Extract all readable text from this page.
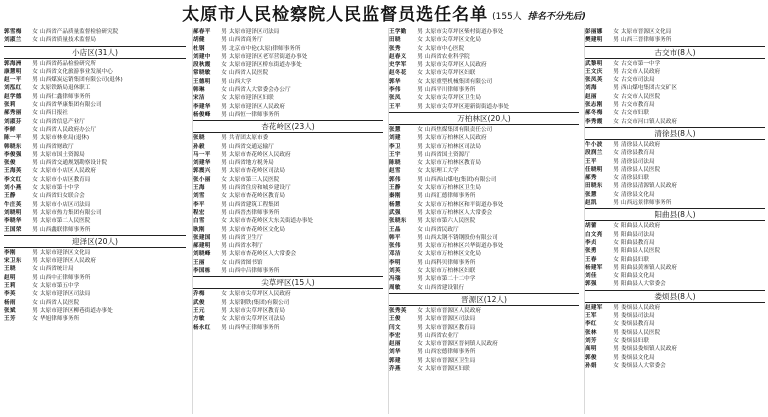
太原市人民检察院人民监督员选任名单 (155人 排名不分先后)
郭雪梅	女 山西省产品质量监督检验研究院
刘淑兰	女 山西省质量技术监督局
小店区(31人)
郭海洲	男 山西省药品检验研究所
康慧明	女 山西省文化旅游事业发展中心
赵一平	男 山西煤炭运销集团有限公司(退休)
刘泓红	女 太原铁路局退休职工
赵学德	男 山西仁鑫律师事务所
张莉	女 山西省华康集团有限公司
郝秀丽	女 山西日报社
刘淑芬	女 山西省信息产业厅
李鲜	女 山西省人民政府办公厅
陈一平	男 太原市林业局(退休)
韩晓东	男 山西省财政厅
李俊强	男 太原市国土资源局
张俊	男 山西省交通规划勘察设计院
王海英	女 太原市小店区人民政府
李文红	女 太原市小店区教育局
刘小燕	女 太原市第十中学
王静	女 山西省妇女联合会
牛庄英	男 太原市小店区司法局
刘晓明	男 太原市热力集团有限公司
李晓华	男 太原市第二人民医院
王国荣	男 山西鑫联律师事务所
迎泽区(20人)
李刚	男 太原市迎泽区文化局
宋卫东	男 太原市迎泽区人民政府
王晓	女 山西省统计局
赵明	男 山西中正律师事务所
王莉	女 太原市第五中学
李英	女 太原市迎泽区司法局
杨雨	女 山西省人民医院
张斌	男 太原市迎泽区柳巷街道办事处
王芳	女 华旭律师事务所
郝春平	男 太原市迎泽区司法局
胡健	男 山西省商务厅
杜钢	男 北京市中伦(太原)律师事务所
刘建中	男 太原市迎泽区老军营街道办事处
段秋霞	女 太原市迎泽区桥东街道办事处
常晓敏	女 山西省人民医院
王德明	男 山西大学
韩琳	女 山西省人大常委会办公厅
宋洁	女 太原市迎泽区妇联
李建华	男 太原市迎泽区人民政府
杨俊峰	男 山西恒一律师事务所
杏花岭区(23人)
张晓	男 共青团太原市委
孙毅	男 山西省交通运输厅
马一平	男 太原市杏花岭区人民政府
刘建华	男 山西省地方税务局
郭震兴	男 太原市杏花岭区司法局
张小丽	女 太原市第三人民医院
王海	男 山西省住房和城乡建设厅
刘雪	女 太原市杏花岭区教育局
李平	男 山西省建筑工程集团
程宏	男 山西晋杰律师事务所
白雪	女 太原市杏花岭区大东关街道办事处
耿刚	男 太原市杏花岭区文化局
张建国	男 山西省卫生厅
郝建明	男 山西省水利厅
刘晓峰	男 太原市杏花岭区人大常委会
王丽	女 山西省图书馆
李国栋	男 山西中吕律师事务所
尖草坪区(15人)
乔梅	女 太原市尖草坪区人民政府
武俊	男 太原钢铁(集团)有限公司
王元	男 太原市尖草坪区教育局
方敏	女 太原市尖草坪区司法局
杨永红	男 山西华正律师事务所
王学勤	男 太原市尖草坪区柴村街道办事处
田晓	女 太原市尖草坪区文化局
张秀	女 太原市中心医院
赵春义	男 山西省农业科学院
史学军	男 太原市尖草坪区人民政府
赵冬花	女 太原市尖草坪区妇联
郭华	女 太原重型机械集团有限公司
李伟	男 山西平川律师事务所
张凤	女 太原市尖草坪区卫生局
王平	男 太原市尖草坪区迎新街街道办事处
万柏林区(20人)
张慧	女 山西焦煤集团有限责任公司
刘建	男 太原市万柏林区人民政府
李卫	男 太原市万柏林区司法局
王宇	男 山西省国土资源厅
陈晓	女 太原市万柏林区教育局
赵雪	女 太原理工大学
郭伟	男 山西西山煤电(集团)有限公司
王静	女 太原市万柏林区卫生局
秦刚	男 山西汇德律师事务所
杨慧	女 太原市万柏林区和平街道办事处
武强	男 太原市万柏林区人大常委会
张晓东	男 太原市第六人民医院
王晶	女 山西省民政厅
韩平	男 山西太钢不锈钢股份有限公司
张伟	男 太原市万柏林区兴华街道办事处
邓洁	女 太原市万柏林区文化局
李明	男 山西科贝律师事务所
刘英	女 太原市万柏林区妇联
冯瑞	男 太原市第二十二中学
周敏	女 山西省建设银行
晋源区(12人)
张秀英	女 太原市晋源区人民政府
王俊	男 太原市晋源区司法局
闫文	男 太原市晋源区教育局
李宏	男 山西省农业厅
赵丽	女 太原市晋源区晋祠镇人民政府
刘华	男 山西宏德律师事务所
郭建	男 太原市晋源区卫生局
乔燕	女 太原市晋源区妇联
彭丽娜	女 太原市晋源区文化局
樊建明	男 山西三晋律师事务所
古交市(8人)
武黎明	女 古交市第一中学
王文庆	男 古交市人民政府
张凤英	女 古交市司法局
刘海	男 西山煤电集团古交矿区
赵丽	女 古交市人民医院
张志刚	男 古交市教育局
郝冬梅	女 古交市妇联
李秀霞	女 古交市河口镇人民政府
清徐县(8人)
牛小波	男 清徐县人民政府
段润兰	女 清徐县教育局
王平	男 清徐县司法局
任晓明	男 清徐县人民医院
郝秀	女 清徐县妇联
田晓东	男 清徐县清源镇人民政府
张慧	女 清徐县文化局
赵凯	男 山西远景律师事务所
阳曲县(8人)
胡蕾	女 阳曲县人民政府
白文亮	男 阳曲县司法局
李贞	女 阳曲县教育局
张勇	男 阳曲县人民医院
王春	女 阳曲县妇联
杨建军	男 阳曲县黄寨镇人民政府
刘佳	女 阳曲县文化局
郭强	男 阳曲县人大常委会
娄烦县(8人)
赵建军	男 娄烦县人民政府
王军	男 娄烦县司法局
李红	女 娄烦县教育局
张林	男 娄烦县人民医院
刘芳	女 娄烦县妇联
高明	男 娄烦县娄烦镇人民政府
郭俊	男 娄烦县文化局
孙娟	女 娄烦县人大常委会
